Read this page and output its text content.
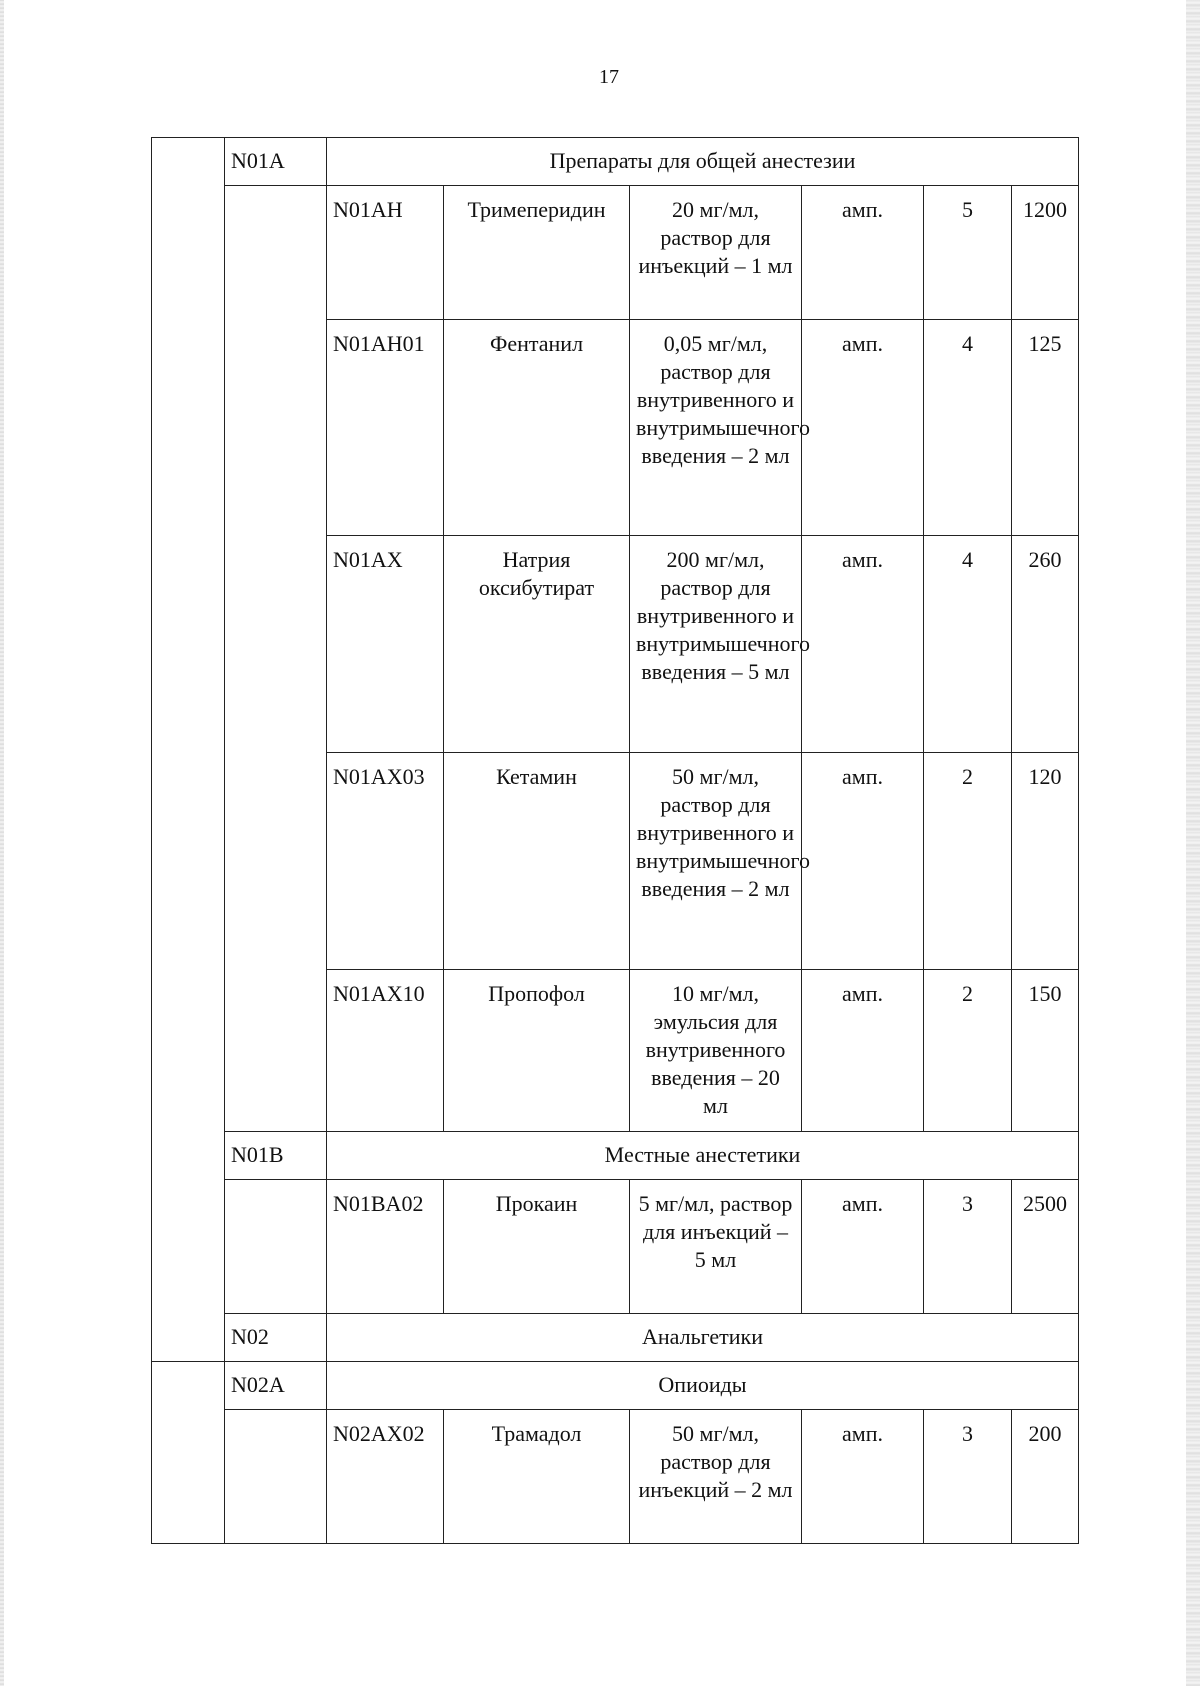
17
	N01A	Препараты для общей анестезии					
		N01AH	Тримеперидин	20 мг/мл, раствор для инъекций – 1 мл	амп.	5	1200
		N01AH01	Фентанил	0,05 мг/мл, раствор для внутривенного и внутримышечного введения – 2 мл	амп.	4	125
		N01AX	Натрия оксибутират	200 мг/мл, раствор для внутривенного и внутримышечного введения – 5 мл	амп.	4	260
		N01AX03	Кетамин	50 мг/мл, раствор для внутривенного и внутримышечного введения – 2 мл	амп.	2	120
		N01AX10	Пропофол	10 мг/мл, эмульсия для внутривенного введения – 20 мл	амп.	2	150
	N01B	Местные анестетики					
		N01BA02	Прокаин	5 мг/мл, раствор для инъекций – 5 мл	амп.	3	2500
	N02	Анальгетики					
	N02A	Опиоиды					
		N02AX02	Трамадол	50 мг/мл, раствор для инъекций – 2 мл	амп.	3	200
